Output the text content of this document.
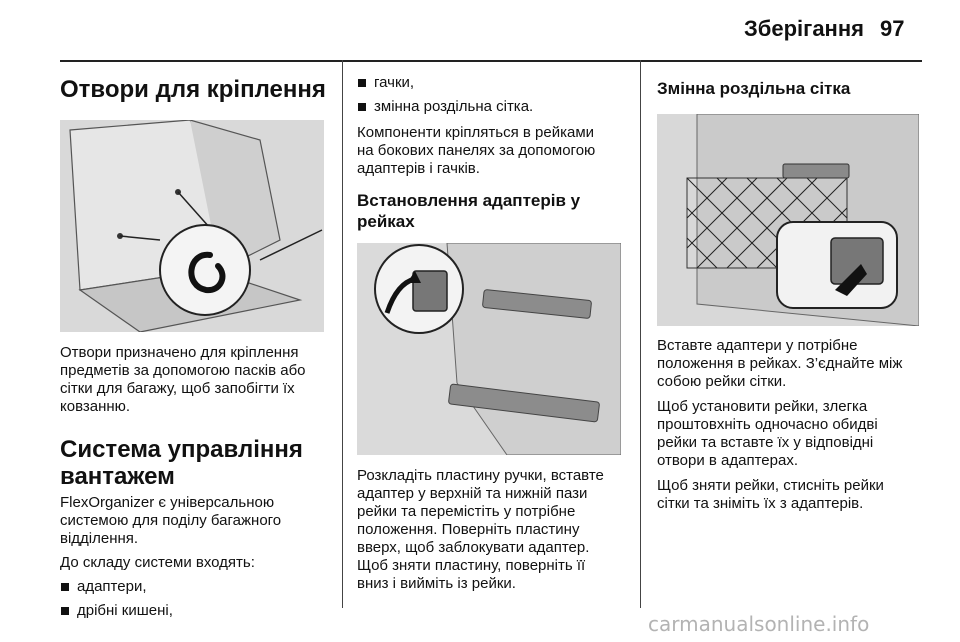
Зберігання 97
Отвори для кріплення

Отвори призначено для кріплення
предметів за допомогою пасків або
сітки для багажу, щоб запобігти їх
ковзанню.

Система управління
вантажем

FlexOrganizer є універсальною
системою для поділу багажного
відділення.

До складу системи входять:

адаптери,
дрібні кишені,
гачки,
змінна роздільна сітка.

Компоненти кріпляться в рейками
на бокових панелях за допомогою
адаптерів і гачків.

Встановлення адаптерів у
рейках

Розкладіть пластину ручки, вставте
адаптер у верхній та нижній пази
рейки та перемістіть у потрібне
положення. Поверніть пластину
вверх, щоб заблокувати адаптер.
Щоб зняти пластину, поверніть її
вниз і вийміть із рейки.

Змінна роздільна сітка

Вставте адаптери у потрібне
положення в рейках. З’єднайте між
собою рейки сітки.

Щоб установити рейки, злегка
проштовхніть одночасно обидві
рейки та вставте їх у відповідні
отвори в адаптерах.

Щоб зняти рейки, стисніть рейки
сітки та зніміть їх з адаптерів.

carmanualsonline.info
